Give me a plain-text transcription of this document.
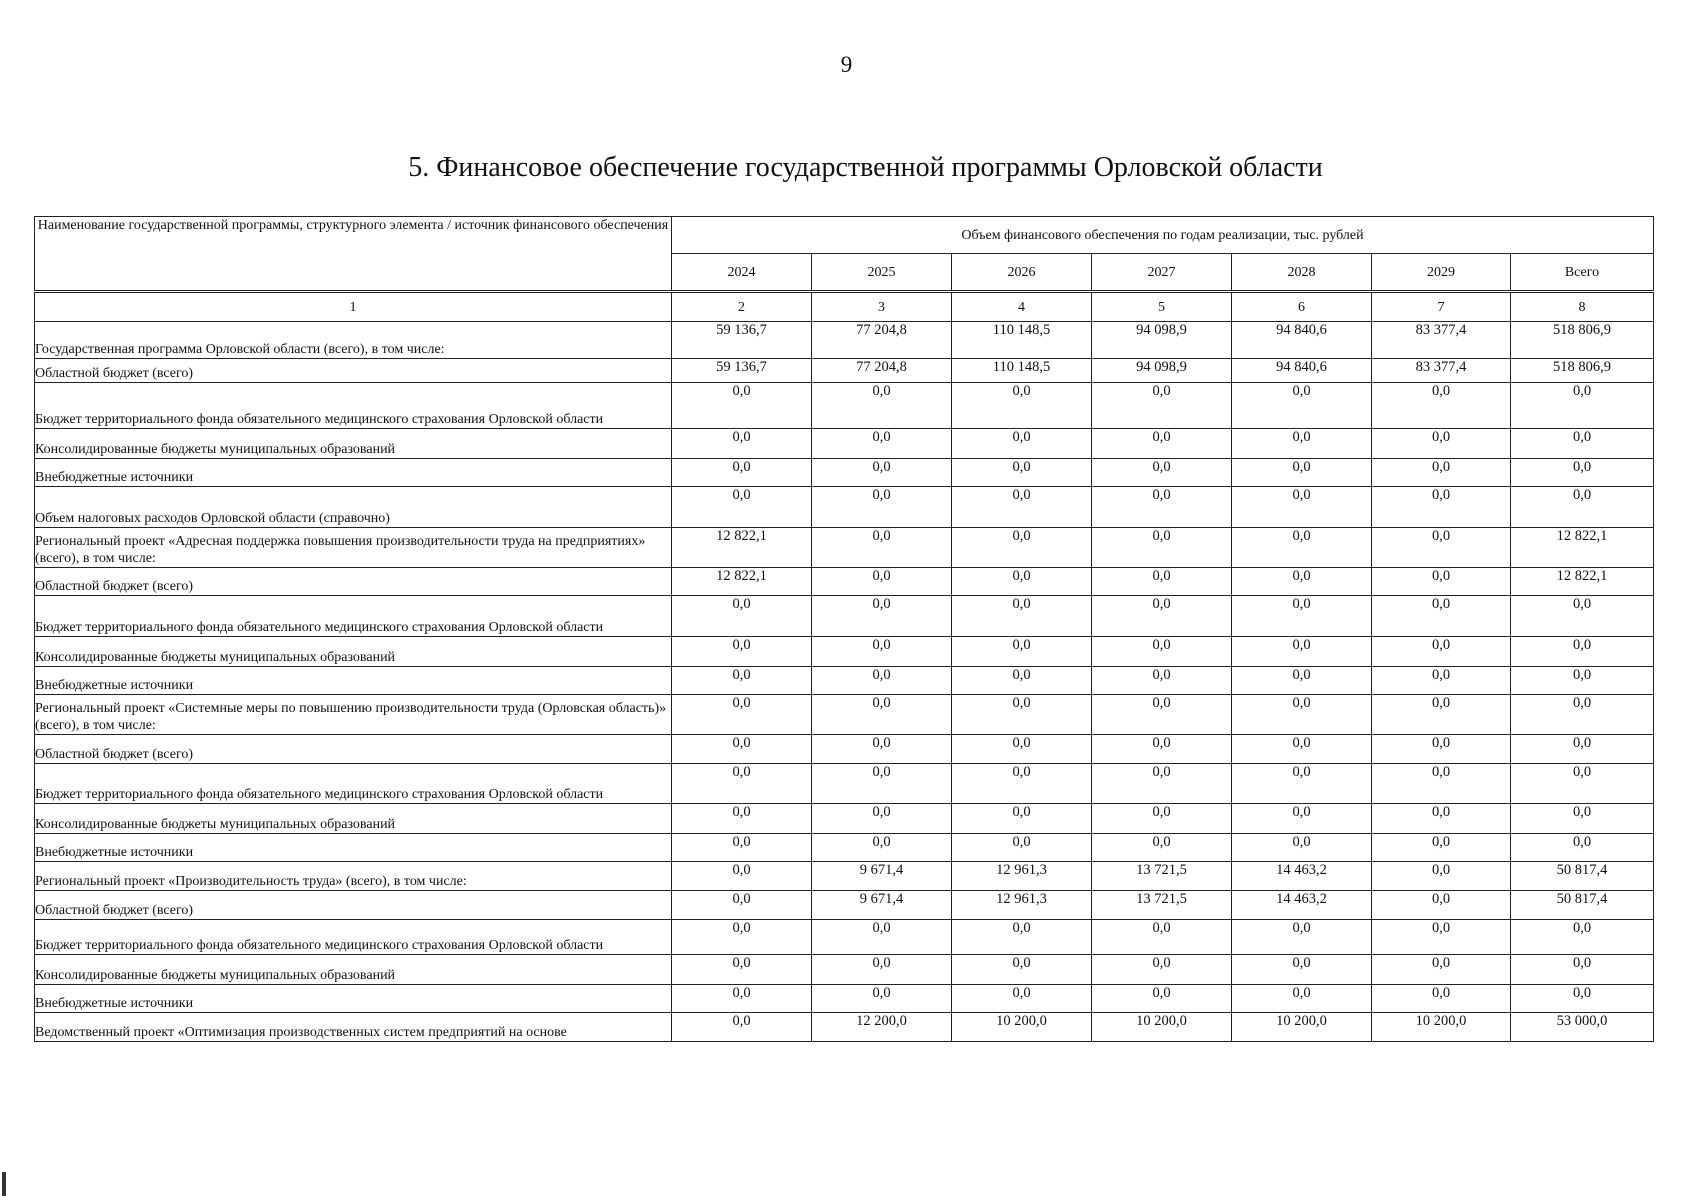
9
5. Финансовое обеспечение государственной программы Орловской области
Наименование государственной программы, структурного элемента / источник финансового обеспечения	Объем финансового обеспечения по годам реализации, тыс. рублей						
	2024	2025	2026	2027	2028	2029	Всего
1	2	3	4	5	6	7	8
Государственная программа Орловской области (всего), в том числе:	59 136,7	77 204,8	110 148,5	94 098,9	94 840,6	83 377,4	518 806,9
Областной бюджет (всего)	59 136,7	77 204,8	110 148,5	94 098,9	94 840,6	83 377,4	518 806,9
Бюджет территориального фонда обязательного медицинского страхования Орловской области	0,0	0,0	0,0	0,0	0,0	0,0	0,0
Консолидированные бюджеты муниципальных образований	0,0	0,0	0,0	0,0	0,0	0,0	0,0
Внебюджетные источники	0,0	0,0	0,0	0,0	0,0	0,0	0,0
Объем налоговых расходов Орловской области (справочно)	0,0	0,0	0,0	0,0	0,0	0,0	0,0
Региональный проект «Адресная поддержка повышения производительности труда на предприятиях» (всего), в том числе:	12 822,1	0,0	0,0	0,0	0,0	0,0	12 822,1
Областной бюджет (всего)	12 822,1	0,0	0,0	0,0	0,0	0,0	12 822,1
Бюджет территориального фонда обязательного медицинского страхования Орловской области	0,0	0,0	0,0	0,0	0,0	0,0	0,0
Консолидированные бюджеты муниципальных образований	0,0	0,0	0,0	0,0	0,0	0,0	0,0
Внебюджетные источники	0,0	0,0	0,0	0,0	0,0	0,0	0,0
Региональный проект «Системные меры по повышению производительности труда (Орловская область)» (всего), в том числе:	0,0	0,0	0,0	0,0	0,0	0,0	0,0
Областной бюджет (всего)	0,0	0,0	0,0	0,0	0,0	0,0	0,0
Бюджет территориального фонда обязательного медицинского страхования Орловской области	0,0	0,0	0,0	0,0	0,0	0,0	0,0
Консолидированные бюджеты муниципальных образований	0,0	0,0	0,0	0,0	0,0	0,0	0,0
Внебюджетные источники	0,0	0,0	0,0	0,0	0,0	0,0	0,0
Региональный проект «Производительность труда» (всего), в том числе:	0,0	9 671,4	12 961,3	13 721,5	14 463,2	0,0	50 817,4
Областной бюджет (всего)	0,0	9 671,4	12 961,3	13 721,5	14 463,2	0,0	50 817,4
Бюджет территориального фонда обязательного медицинского страхования Орловской области	0,0	0,0	0,0	0,0	0,0	0,0	0,0
Консолидированные бюджеты муниципальных образований	0,0	0,0	0,0	0,0	0,0	0,0	0,0
Внебюджетные источники	0,0	0,0	0,0	0,0	0,0	0,0	0,0
Ведомственный проект «Оптимизация производственных систем предприятий на основе	0,0	12 200,0	10 200,0	10 200,0	10 200,0	10 200,0	53 000,0
